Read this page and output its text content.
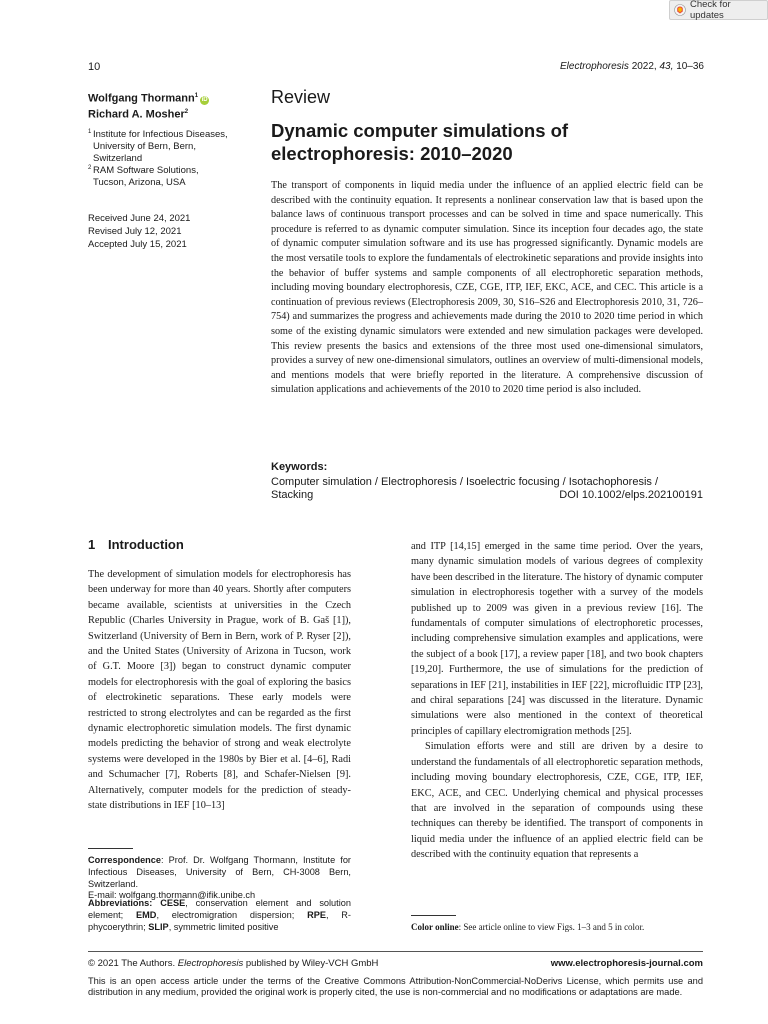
Check for updates
10	Electrophoresis 2022, 43, 10–36
Wolfgang Thormann$^1$iD
Richard A. Mosher$^2$
1 Institute for Infectious Diseases,
University of Bern, Bern,
Switzerland
2 RAM Software Solutions,
Tucson, Arizona, USA
Received June 24, 2021
Revised July 12, 2021
Accepted July 15, 2021
Review
Dynamic computer simulations of
electrophoresis: 2010–2020

The transport of components in liquid media under the influence of an applied electric field can be described with the continuity equation. It represents a nonlinear conservation law that is based upon the balance laws of continuous transport processes and can be solved in time and space numerically. This procedure is referred to as dynamic computer simulation. Since its inception four decades ago, the state of dynamic computer simulation software and its use has progressed significantly. Dynamic models are the most versatile tools to explore the fundamentals of electrokinetic separations and provide insights into the behavior of buffer systems and sample components of all electrophoretic separation methods, including moving boundary electrophoresis, CZE, CGE, ITP, IEF, EKC, ACE, and CEC. This article is a continuation of previous reviews (Electrophoresis 2009, 30, S16–S26 and Electrophoresis 2010, 31, 726–754) and summarizes the progress and achievements made during the 2010 to 2020 time period in which some of the existing dynamic simulators were extended and new simulation packages were developed. This review presents the basics and extensions of the three most used one-dimensional simulators, provides a survey of new one-dimensional simulators, outlines an overview of multi-dimensional models, and mentions models that were briefly reported in the literature. A comprehensive discussion of simulation applications and achievements of the 2010 to 2020 time period is also included.

Keywords:
Computer simulation / Electrophoresis / Isoelectric focusing / Isotachophoresis /
Stacking	DOI 10.1002/elps.202100191
1 Introduction

The development of simulation models for electrophoresis has been underway for more than 40 years. Shortly after computers became available, scientists at universities in the Czech Republic (Charles University in Prague, work of B. Gaš [1]), Switzerland (University of Bern in Bern, work of P. Ryser [2]), and the United States (University of Arizona in Tucson, work of G.T. Moore [3]) began to construct dynamic computer models for electrophoresis with the goal of exploring the basics of electrokinetic separations. These early models were restricted to strong electrolytes and can be regarded as the first dynamic electrophoretic simulation models. The first dynamic models predicting the behavior of strong and weak electrolyte systems were developed in the 1980s by Bier et al. [4–6], Radi and Schumacher [7], Roberts [8], and Schafer-Nielsen [9]. Alternatively, computer models for the prediction of steady-state distributions in IEF [10–13]

and ITP [14,15] emerged in the same time period. Over the years, many dynamic simulation models of various degrees of complexity have been described in the literature. The history of dynamic computer simulation in electrophoresis together with a survey of the models published up to 2009 was given in a previous review [16]. The fundamentals of computer simulations of electrophoretic processes, including comprehensive simulation examples and applications, were the subject of a book [17], a review paper [18], and two book chapters [19,20]. Furthermore, the use of simulations for the prediction of separations in IEF [21], instabilities in IEF [22], microfluidic ITP [23], and chiral separations [24] was discussed in the literature. Dynamic simulations were also mentioned in the context of theoretical principles of capillary electromigration methods [25].

Simulation efforts were and still are driven by a desire to understand the fundamentals of all electrophoretic separation methods, including moving boundary electrophoresis, CZE, CGE, ITP, IEF, EKC, ACE, and CEC. Underlying chemical and physical processes that are involved in the separation of compounds using these techniques can thereby be identified. The transport of components in liquid media under the influence of an applied electric field can be described with the continuity equation that represents a

Correspondence: Prof. Dr. Wolfgang Thormann, Institute for Infectious Diseases, University of Bern, CH-3008 Bern, Switzerland.
E-mail: wolfgang.thormann@ifik.unibe.ch
Abbreviations: CESE, conservation element and solution element; EMD, electromigration dispersion; RPE, R-phycoerythrin; SLIP, symmetric limited positive	Color online: See article online to view Figs. 1–3 and 5 in color.
© 2021 The Authors. Electrophoresis published by Wiley-VCH GmbH	www.electrophoresis-journal.com
This is an open access article under the terms of the Creative Commons Attribution-NonCommercial-NoDerivs License, which permits use and distribution in any medium, provided the original work is properly cited, the use is non-commercial and no modifications or adaptations are made.
